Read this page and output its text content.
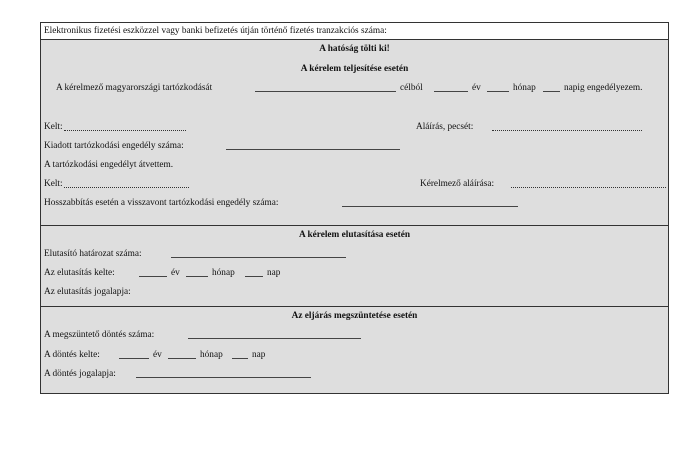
Elektronikus fizetési eszközzel vagy banki befizetés útján történő fizetés tranzakciós száma:
A hatóság tölti ki!
A kérelem teljesítése esetén
A kérelmező magyarországi tartózkodását	célból	év	hónap	napig engedélyezem.
Kelt:	Aláírás, pecsét:
Kiadott tartózkodási engedély száma:
A tartózkodási engedélyt átvettem.
Kelt:	Kérelmező aláírása:
Hosszabbítás esetén a visszavont tartózkodási engedély száma:
A kérelem elutasítása esetén
Elutasító határozat száma:
Az elutasítás kelte:	év	hónap	nap
Az elutasítás jogalapja:
Az eljárás megszüntetése esetén
A megszüntető döntés száma:
A döntés kelte:	év	hónap	nap
A döntés jogalapja:
